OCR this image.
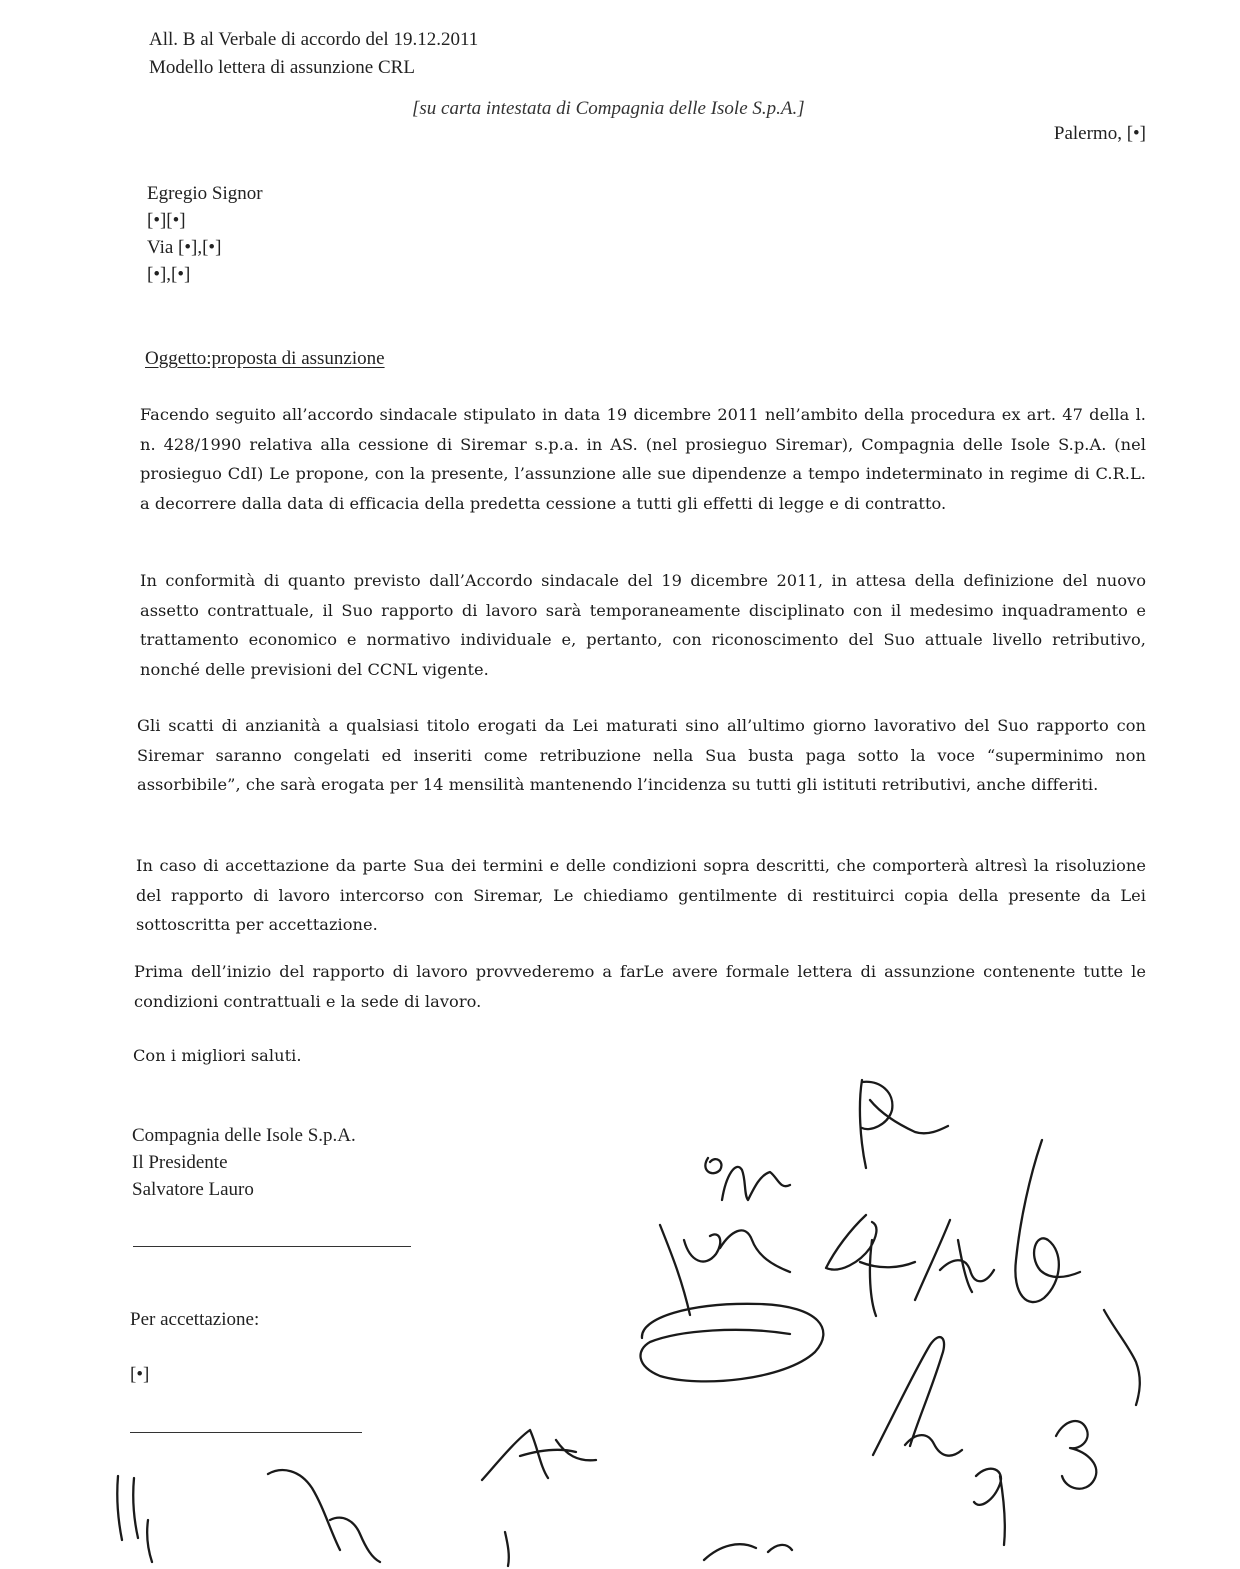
All. B al Verbale di accordo del 19.12.2011
Modello lettera di assunzione CRL
[su carta intestata di Compagnia delle Isole S.p.A.]
Palermo, [•]
Egregio Signor
[•][•]
Via [•],[•]
[•],[•]
Oggetto:proposta di assunzione

Facendo seguito all’accordo sindacale stipulato in data 19 dicembre 2011 nell’ambito della procedura ex art. 47 della l. n. 428/1990 relativa alla cessione di Siremar s.p.a. in AS. (nel prosieguo Siremar), Compagnia delle Isole S.p.A. (nel prosieguo CdI) Le propone, con la presente, l’assunzione alle sue dipendenze a tempo indeterminato in regime di C.R.L. a decorrere dalla data di efficacia della predetta cessione a tutti gli effetti di legge e di contratto.

In conformità di quanto previsto dall’Accordo sindacale del 19 dicembre 2011, in attesa della definizione del nuovo assetto contrattuale, il Suo rapporto di lavoro sarà temporaneamente disciplinato con il medesimo inquadramento e trattamento economico e normativo individuale e, pertanto, con riconoscimento del Suo attuale livello retributivo, nonché delle previsioni del CCNL vigente.

Gli scatti di anzianità a qualsiasi titolo erogati da Lei maturati sino all’ultimo giorno lavorativo del Suo rapporto con Siremar saranno congelati ed inseriti come retribuzione nella Sua busta paga sotto la voce “superminimo non assorbibile”, che sarà erogata per 14 mensilità mantenendo l’incidenza su tutti gli istituti retributivi, anche differiti.

In caso di accettazione da parte Sua dei termini e delle condizioni sopra descritti, che comporterà altresì la risoluzione del rapporto di lavoro intercorso con Siremar, Le chiediamo gentilmente di restituirci copia della presente da Lei sottoscritta per accettazione.

Prima dell’inizio del rapporto di lavoro provvederemo a farLe avere formale lettera di assunzione contenente tutte le condizioni contrattuali e la sede di lavoro.

Con i migliori saluti.
Compagnia delle Isole S.p.A.
Il Presidente
Salvatore Lauro
Per accettazione:
[•]
